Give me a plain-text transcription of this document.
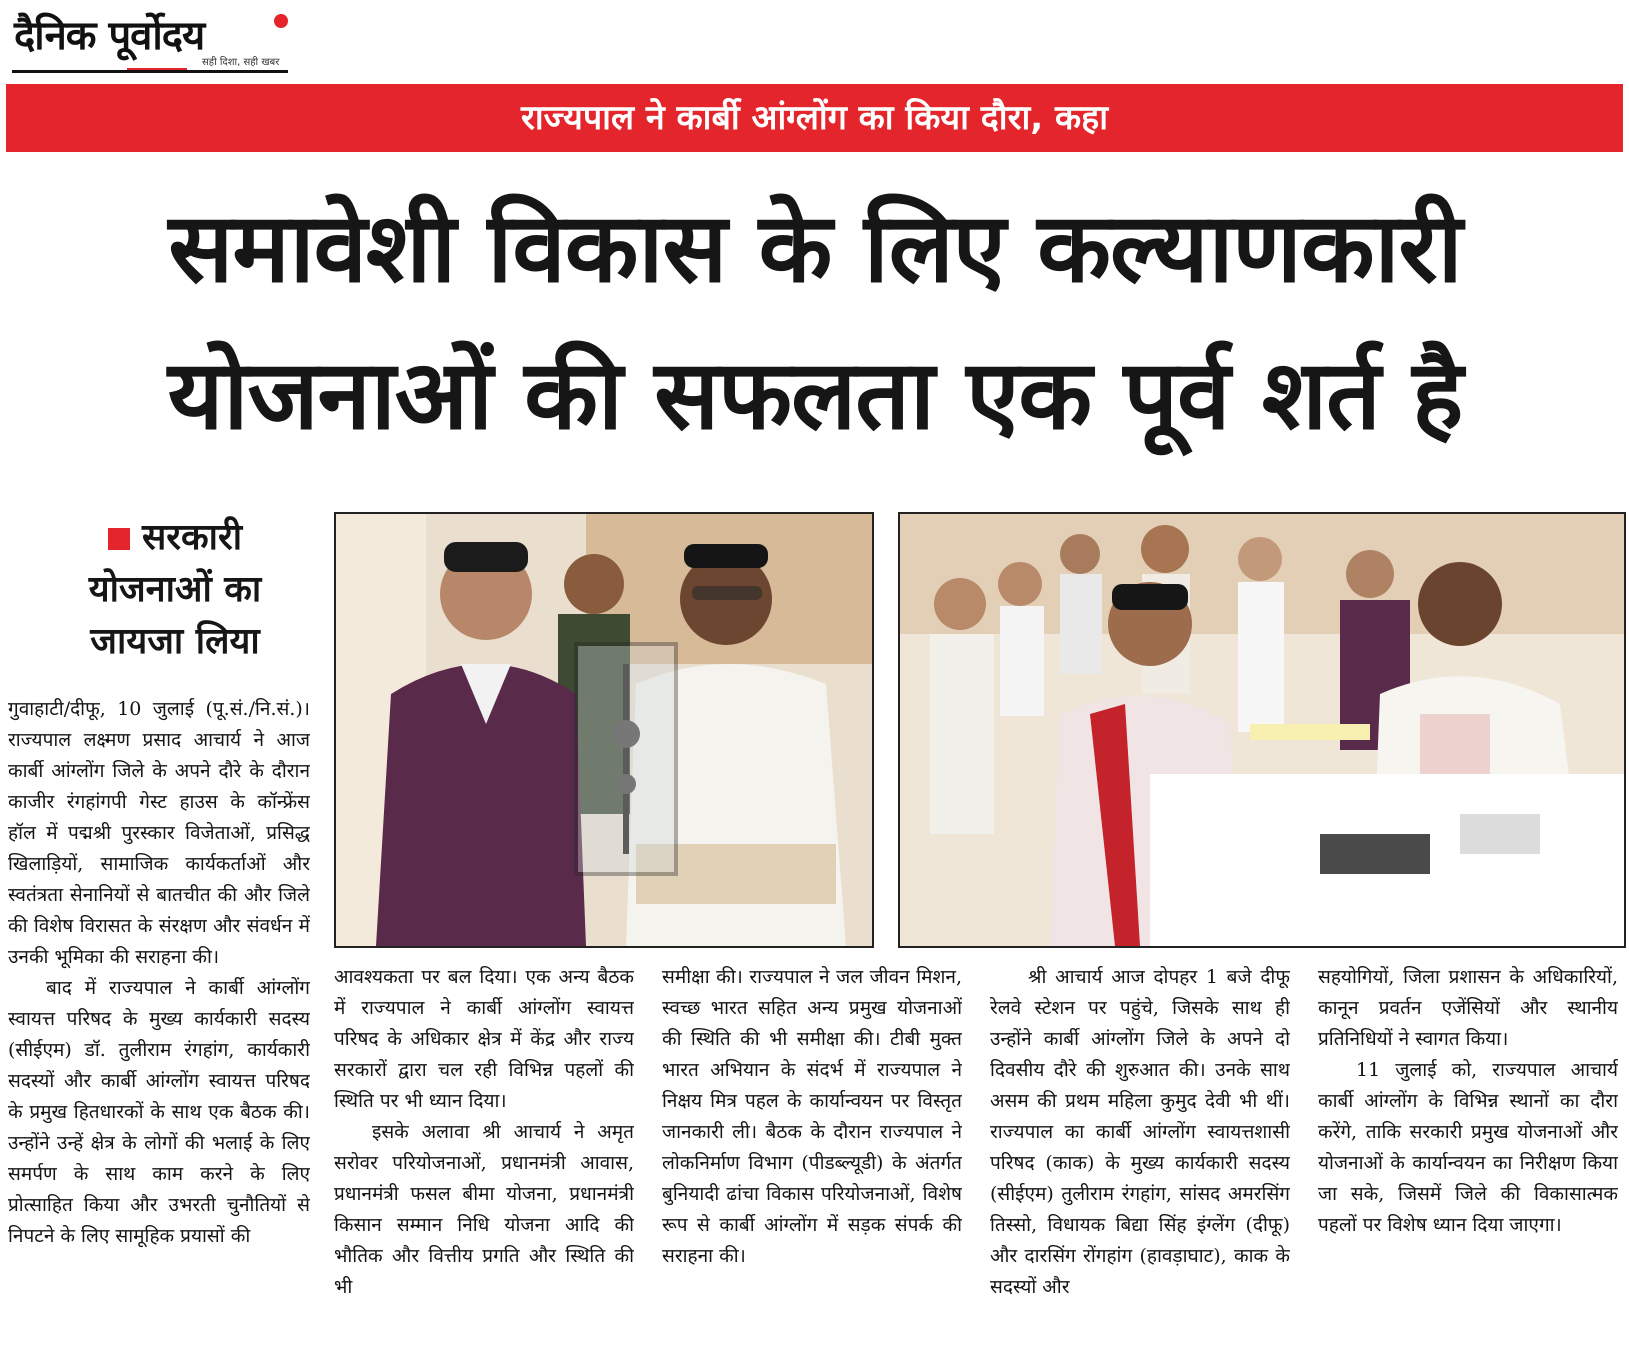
दैनिक पूर्वोदय
सही दिशा, सही खबर
राज्यपाल ने कार्बी आंग्लोंग का किया दौरा, कहा
समावेशी विकास के लिए कल्याणकारी
योजनाओं की सफलता एक पूर्व शर्त है
सरकारी
योजनाओं का
जायजा लिया

गुवाहाटी/दीफू, 10 जुलाई (पू.सं./नि.सं.)। राज्यपाल लक्ष्मण प्रसाद आचार्य ने आज कार्बी आंग्लोंग जिले के अपने दौरे के दौरान काजीर रंगहांगपी गेस्ट हाउस के कॉन्फ्रेंस हॉल में पद्मश्री पुरस्कार विजेताओं, प्रसिद्ध खिलाड़ियों, सामाजिक कार्यकर्ताओं और स्वतंत्रता सेनानियों से बातचीत की और जिले की विशेष विरासत के संरक्षण और संवर्धन में उनकी भूमिका की सराहना की।

बाद में राज्यपाल ने कार्बी आंग्लोंग स्वायत्त परिषद के मुख्य कार्यकारी सदस्य (सीईएम) डॉ. तुलीराम रंगहांग, कार्यकारी सदस्यों और कार्बी आंग्लोंग स्वायत्त परिषद के प्रमुख हितधारकों के साथ एक बैठक की। उन्होंने उन्हें क्षेत्र के लोगों की भलाई के लिए समर्पण के साथ काम करने के लिए प्रोत्साहित किया और उभरती चुनौतियों से निपटने के लिए सामूहिक प्रयासों की

आवश्यकता पर बल दिया। एक अन्य बैठक में राज्यपाल ने कार्बी आंग्लोंग स्वायत्त परिषद के अधिकार क्षेत्र में केंद्र और राज्य सरकारों द्वारा चल रही विभिन्न पहलों की स्थिति पर भी ध्यान दिया।

इसके अलावा श्री आचार्य ने अमृत सरोवर परियोजनाओं, प्रधानमंत्री आवास, प्रधानमंत्री फसल बीमा योजना, प्रधानमंत्री किसान सम्मान निधि योजना आदि की भौतिक और वित्तीय प्रगति और स्थिति की भी

समीक्षा की। राज्यपाल ने जल जीवन मिशन, स्वच्छ भारत सहित अन्य प्रमुख योजनाओं की स्थिति की भी समीक्षा की। टीबी मुक्त भारत अभियान के संदर्भ में राज्यपाल ने निक्षय मित्र पहल के कार्यान्वयन पर विस्तृत जानकारी ली। बैठक के दौरान राज्यपाल ने लोकनिर्माण विभाग (पीडब्ल्यूडी) के अंतर्गत बुनियादी ढांचा विकास परियोजनाओं, विशेष रूप से कार्बी आंग्लोंग में सड़क संपर्क की सराहना की।

श्री आचार्य आज दोपहर 1 बजे दीफू रेलवे स्टेशन पर पहुंचे, जिसके साथ ही उन्होंने कार्बी आंग्लोंग जिले के अपने दो दिवसीय दौरे की शुरुआत की। उनके साथ असम की प्रथम महिला कुमुद देवी भी थीं। राज्यपाल का कार्बी आंग्लोंग स्वायत्तशासी परिषद (काक) के मुख्य कार्यकारी सदस्य (सीईएम) तुलीराम रंगहांग, सांसद अमरसिंग तिस्सो, विधायक बिद्या सिंह इंग्लेंग (दीफू) और दारसिंग रोंगहांग (हावड़ाघाट), काक के सदस्यों और

सहयोगियों, जिला प्रशासन के अधिकारियों, कानून प्रवर्तन एजेंसियों और स्थानीय प्रतिनिधियों ने स्वागत किया।

11 जुलाई को, राज्यपाल आचार्य कार्बी आंग्लोंग के विभिन्न स्थानों का दौरा करेंगे, ताकि सरकारी प्रमुख योजनाओं और योजनाओं के कार्यान्वयन का निरीक्षण किया जा सके, जिसमें जिले की विकासात्मक पहलों पर विशेष ध्यान दिया जाएगा।
